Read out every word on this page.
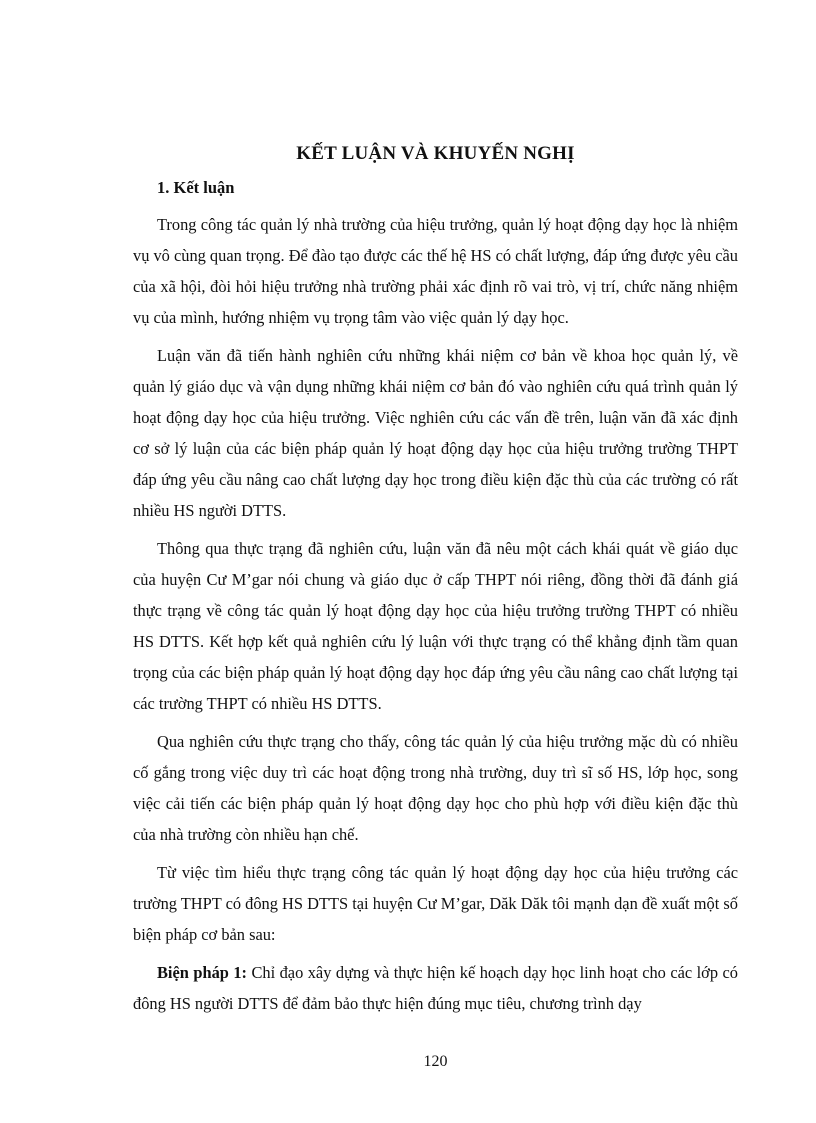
KẾT LUẬN VÀ KHUYẾN NGHỊ
1. Kết luận

Trong công tác quản lý nhà trường của hiệu trưởng, quản lý hoạt động dạy học là nhiệm vụ vô cùng quan trọng. Để đào tạo được các thế hệ HS có chất lượng, đáp ứng được yêu cầu của xã hội, đòi hỏi hiệu trưởng nhà trường phải xác định rõ vai trò, vị trí, chức năng nhiệm vụ của mình, hướng nhiệm vụ trọng tâm vào việc quản lý dạy học.

Luận văn đã tiến hành nghiên cứu những khái niệm cơ bản về khoa học quản lý, về quản lý giáo dục và vận dụng những khái niệm cơ bản đó vào nghiên cứu quá trình quản lý hoạt động dạy học của hiệu trưởng. Việc nghiên cứu các vấn đề trên, luận văn đã xác định cơ sở lý luận của các biện pháp quản lý hoạt động dạy học của hiệu trưởng trường THPT đáp ứng yêu cầu nâng cao chất lượng dạy học trong điều kiện đặc thù của các trường có rất nhiều HS người DTTS.

Thông qua thực trạng đã nghiên cứu, luận văn đã nêu một cách khái quát về giáo dục của huyện Cư M’gar nói chung và giáo dục ở cấp THPT nói riêng, đồng thời đã đánh giá thực trạng về công tác quản lý hoạt động dạy học của hiệu trưởng trường THPT có nhiều HS DTTS. Kết hợp kết quả nghiên cứu lý luận với thực trạng có thể khẳng định tầm quan trọng của các biện pháp quản lý hoạt động dạy học đáp ứng yêu cầu nâng cao chất lượng tại các trường THPT có nhiều HS DTTS.

Qua nghiên cứu thực trạng cho thấy, công tác quản lý của hiệu trưởng mặc dù có nhiều cố gắng trong việc duy trì các hoạt động trong nhà trường, duy trì sĩ số HS, lớp học, song việc cải tiến các biện pháp quản lý hoạt động dạy học cho phù hợp với điều kiện đặc thù của nhà trường còn nhiều hạn chế.

Từ việc tìm hiểu thực trạng công tác quản lý hoạt động dạy học của hiệu trưởng các trường THPT có đông HS DTTS tại huyện Cư M’gar, Dăk Dăk tôi mạnh dạn đề xuất một số biện pháp cơ bản sau:

Biện pháp 1: Chỉ đạo xây dựng và thực hiện kế hoạch dạy học linh hoạt cho các lớp có đông HS người DTTS để đảm bảo thực hiện đúng mục tiêu, chương trình dạy

120
